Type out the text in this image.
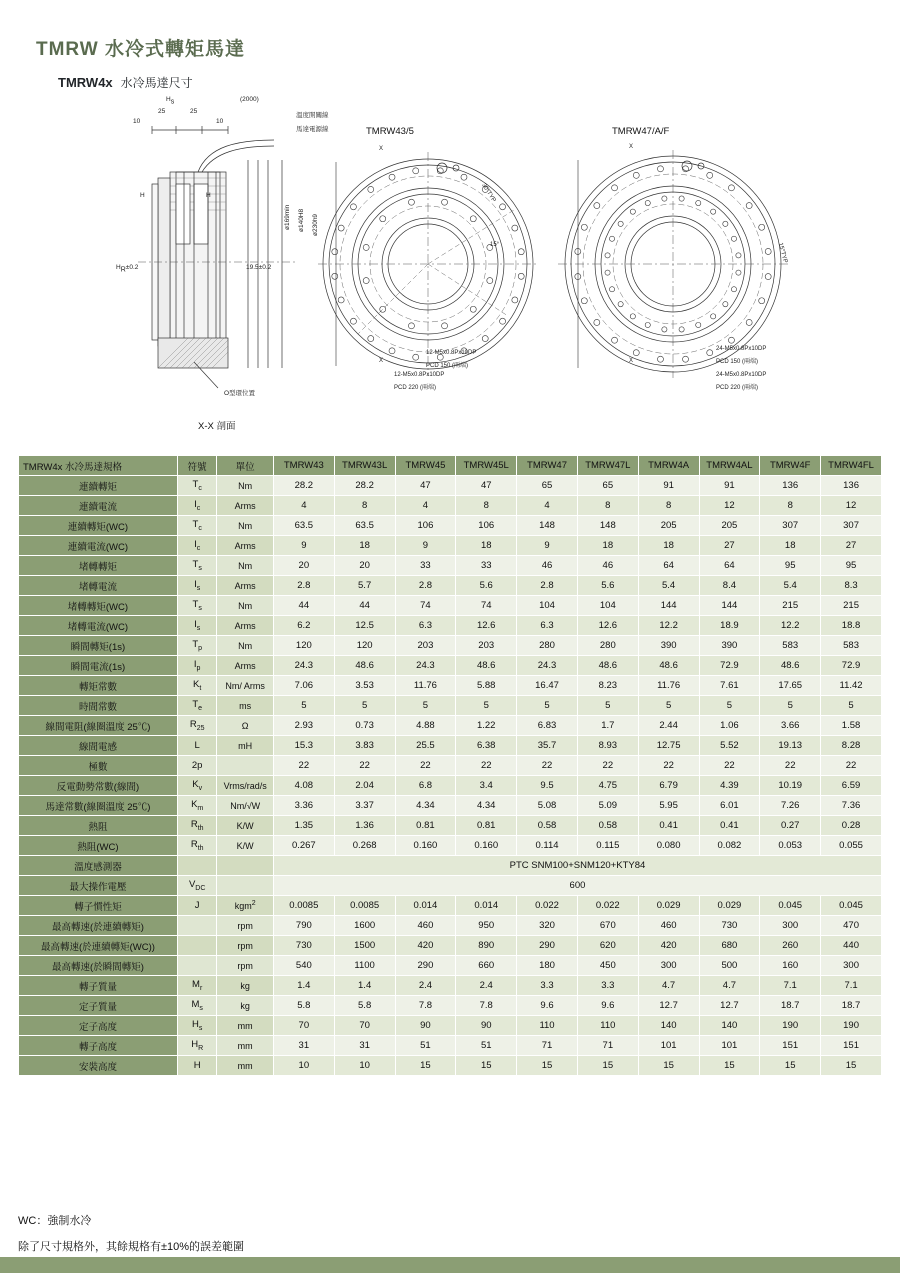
TMRW 水冷式轉矩馬達
TMRW4x 水冷馬達尺寸
10
25	25
10
Hs	(2000)
溫度開關線
馬達電源線
H	H
HR±0.2	19.5±0.2
ø169min ø140H8 ø230h9
O型環位置
X-X 剖面
TMRW43/5
X
X
30°TYP
15°
12-M5x0.8Px10DP
PCD 150 (兩端)
12-M5x0.8Px10DP
PCD 220 (兩端)
TMRW47/A/F
X
X
15°TYP
24-M5x0.8Px10DP
PCD 150 (兩端)
24-M5x0.8Px10DP
PCD 220 (兩端)
TMRW4x 水冷馬達規格	符號	單位	TMRW43	TMRW43L	TMRW45	TMRW45L	TMRW47	TMRW47L	TMRW4A	TMRW4AL	TMRW4F	TMRW4FL
連續轉矩	$T_c$	Nm	28.2	28.2	47	47	65	65	91	91	136	136
連續電流	$I_c$	Arms	4	8	4	8	4	8	8	12	8	12
連續轉矩(WC)	$T_c$	Nm	63.5	63.5	106	106	148	148	205	205	307	307
連續電流(WC)	$I_c$	Arms	9	18	9	18	9	18	18	27	18	27
堵轉轉矩	$T_s$	Nm	20	20	33	33	46	46	64	64	95	95
堵轉電流	$I_s$	Arms	2.8	5.7	2.8	5.6	2.8	5.6	5.4	8.4	5.4	8.3
堵轉轉矩(WC)	$T_s$	Nm	44	44	74	74	104	104	144	144	215	215
堵轉電流(WC)	$I_s$	Arms	6.2	12.5	6.3	12.6	6.3	12.6	12.2	18.9	12.2	18.8
瞬間轉矩(1s)	$T_p$	Nm	120	120	203	203	280	280	390	390	583	583
瞬間電流(1s)	$I_p$	Arms	24.3	48.6	24.3	48.6	24.3	48.6	48.6	72.9	48.6	72.9
轉矩常數	$K_t$	Nm/ Arms	7.06	3.53	11.76	5.88	16.47	8.23	11.76	7.61	17.65	11.42
時間常數	$T_e$	ms	5	5	5	5	5	5	5	5	5	5
線間電阻(線圈溫度 25℃)	$R_{25}$	Ω	2.93	0.73	4.88	1.22	6.83	1.7	2.44	1.06	3.66	1.58
線間電感	L	mH	15.3	3.83	25.5	6.38	35.7	8.93	12.75	5.52	19.13	8.28
極數	2p		22	22	22	22	22	22	22	22	22	22
反電動勢常數(線間)	$K_v$	Vrms/rad/s	4.08	2.04	6.8	3.4	9.5	4.75	6.79	4.39	10.19	6.59
馬達常數(線圈溫度 25℃)	$K_m$	Nm/√W	3.36	3.37	4.34	4.34	5.08	5.09	5.95	6.01	7.26	7.36
熱阻	$R_{th}$	K/W	1.35	1.36	0.81	0.81	0.58	0.58	0.41	0.41	0.27	0.28
熱阻(WC)	$R_{th}$	K/W	0.267	0.268	0.160	0.160	0.114	0.115	0.080	0.082	0.053	0.055
溫度感測器			PTC SNM100+SNM120+KTY84									
最大操作電壓	$V_{DC}$		600									
轉子慣性矩	J	kgm$^2$	0.0085	0.0085	0.014	0.014	0.022	0.022	0.029	0.029	0.045	0.045
最高轉速(於連續轉矩)		rpm	790	1600	460	950	320	670	460	730	300	470
最高轉速(於連續轉矩(WC))		rpm	730	1500	420	890	290	620	420	680	260	440
最高轉速(於瞬間轉矩)		rpm	540	1100	290	660	180	450	300	500	160	300
轉子質量	$M_r$	kg	1.4	1.4	2.4	2.4	3.3	3.3	4.7	4.7	7.1	7.1
定子質量	$M_s$	kg	5.8	5.8	7.8	7.8	9.6	9.6	12.7	12.7	18.7	18.7
定子高度	$H_s$	mm	70	70	90	90	110	110	140	140	190	190
轉子高度	$H_R$	mm	31	31	51	51	71	71	101	101	151	151
安裝高度	H	mm	10	10	15	15	15	15	15	15	15	15
WC：強制水冷
除了尺寸規格外，其餘規格有±10%的誤差範圍
